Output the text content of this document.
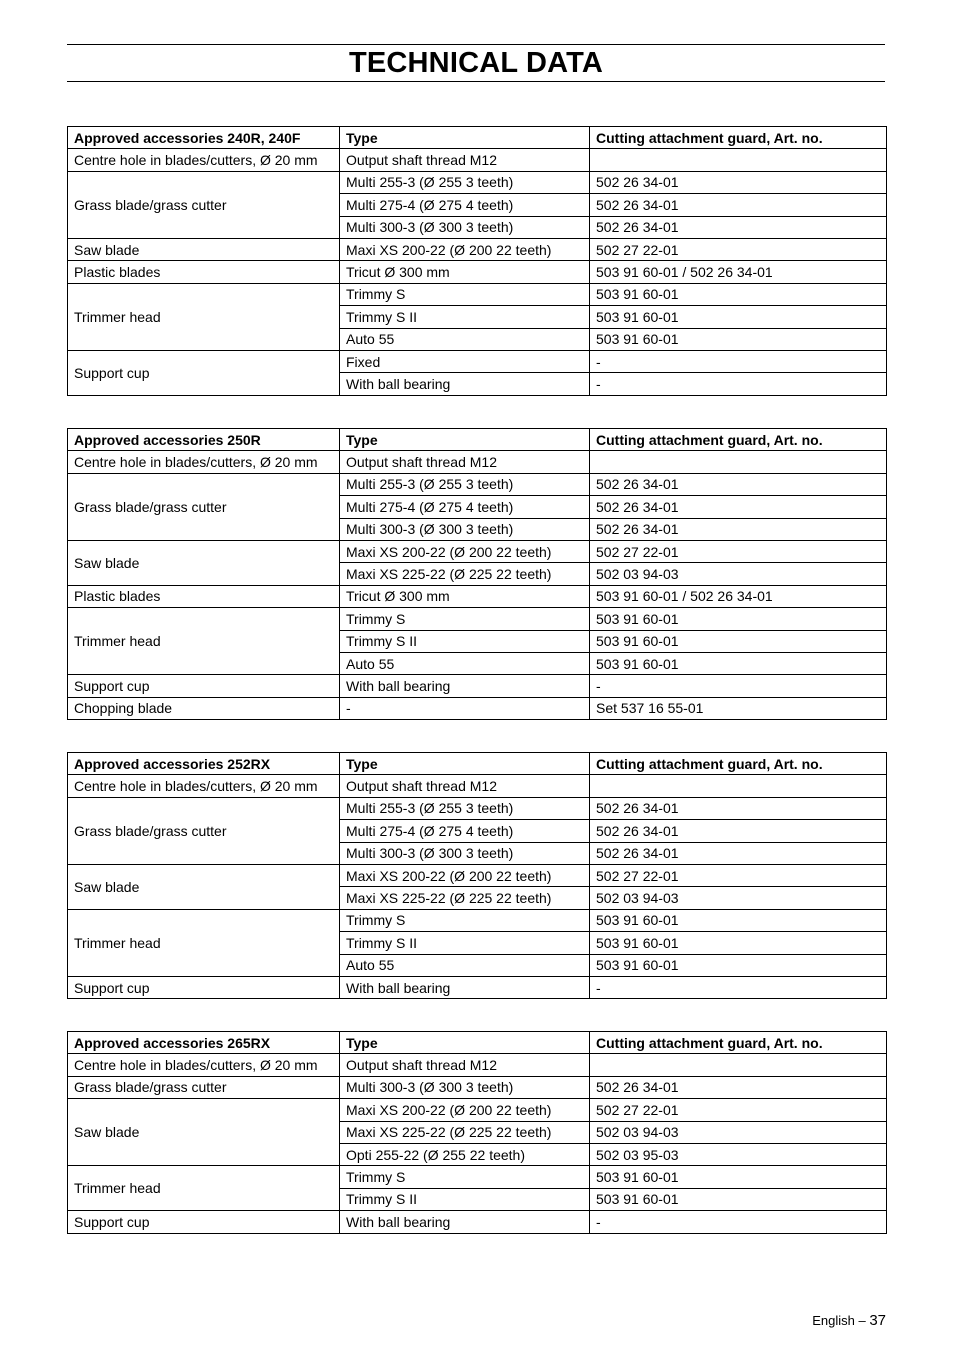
TECHNICAL DATA
Approved accessories 240R, 240F	Type	Cutting attachment guard, Art. no.
Centre hole in blades/cutters, Ø 20 mm	Output shaft thread M12	
Grass blade/grass cutter	Multi 255-3 (Ø 255 3 teeth)	502 26 34-01
	Multi 275-4 (Ø 275 4 teeth)	502 26 34-01
	Multi 300-3 (Ø 300 3 teeth)	502 26 34-01
Saw blade	Maxi XS 200-22 (Ø 200 22 teeth)	502 27 22-01
Plastic blades	Tricut Ø 300 mm	503 91 60-01 / 502 26 34-01
Trimmer head	Trimmy S	503 91 60-01
	Trimmy S II	503 91 60-01
	Auto 55	503 91 60-01
Support cup	Fixed	-
	With ball bearing	-
Approved accessories 250R	Type	Cutting attachment guard, Art. no.
Centre hole in blades/cutters, Ø 20 mm	Output shaft thread M12	
Grass blade/grass cutter	Multi 255-3 (Ø 255 3 teeth)	502 26 34-01
	Multi 275-4 (Ø 275 4 teeth)	502 26 34-01
	Multi 300-3 (Ø 300 3 teeth)	502 26 34-01
Saw blade	Maxi XS 200-22 (Ø 200 22 teeth)	502 27 22-01
	Maxi XS 225-22 (Ø 225 22 teeth)	502 03 94-03
Plastic blades	Tricut Ø 300 mm	503 91 60-01 / 502 26 34-01
Trimmer head	Trimmy S	503 91 60-01
	Trimmy S II	503 91 60-01
	Auto 55	503 91 60-01
Support cup	With ball bearing	-
Chopping blade	-	Set 537 16 55-01
Approved accessories 252RX	Type	Cutting attachment guard, Art. no.
Centre hole in blades/cutters, Ø 20 mm	Output shaft thread M12	
Grass blade/grass cutter	Multi 255-3 (Ø 255 3 teeth)	502 26 34-01
	Multi 275-4 (Ø 275 4 teeth)	502 26 34-01
	Multi 300-3 (Ø 300 3 teeth)	502 26 34-01
Saw blade	Maxi XS 200-22 (Ø 200 22 teeth)	502 27 22-01
	Maxi XS 225-22 (Ø 225 22 teeth)	502 03 94-03
Trimmer head	Trimmy S	503 91 60-01
	Trimmy S II	503 91 60-01
	Auto 55	503 91 60-01
Support cup	With ball bearing	-
Approved accessories 265RX	Type	Cutting attachment guard, Art. no.
Centre hole in blades/cutters, Ø 20 mm	Output shaft thread M12	
Grass blade/grass cutter	Multi 300-3 (Ø 300 3 teeth)	502 26 34-01
Saw blade	Maxi XS 200-22 (Ø 200 22 teeth)	502 27 22-01
	Maxi XS 225-22 (Ø 225 22 teeth)	502 03 94-03
	Opti 255-22 (Ø 255 22 teeth)	502 03 95-03
Trimmer head	Trimmy S	503 91 60-01
	Trimmy S II	503 91 60-01
Support cup	With ball bearing	-
English – 37
